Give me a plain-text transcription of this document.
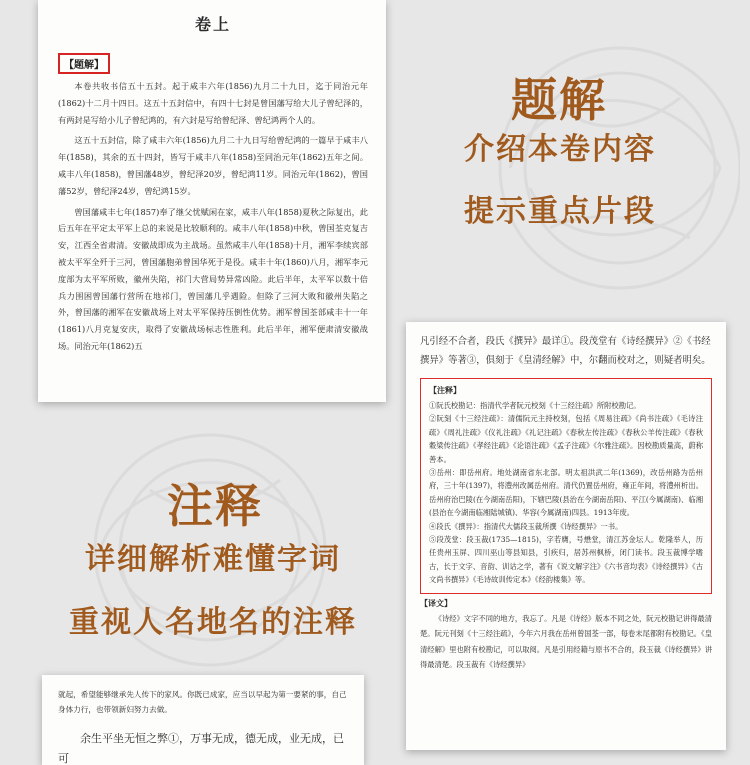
卷上
【题解】

本卷共收书信五十五封。起于咸丰六年(1856)九月二十九日，迄于同治元年(1862)十二月十四日。这五十五封信中，有四十七封是曾国藩写给大儿子曾纪泽的，有两封是写给小儿子曾纪鸿的，有六封是写给曾纪泽、曾纪鸿两个人的。

这五十五封信，除了咸丰六年(1856)九月二十九日写给曾纪鸿的一篇早于咸丰八年(1858)，其余的五十四封，皆写于咸丰八年(1858)至同治元年(1862)五年之间。咸丰八年(1858)，曾国藩48岁，曾纪泽20岁，曾纪鸿11岁。同治元年(1862)，曾国藩52岁，曾纪泽24岁，曾纪鸿15岁。

曾国藩咸丰七年(1857)奉了继父忧赋闲在家，咸丰八年(1858)夏秋之际复出，此后五年在平定太平军上总的来说是比较顺利的。咸丰八年(1858)中秋，曾国荃克复吉安，江西全省肃清。安徽战即成为主战场。虽然咸丰八年(1858)十月，湘军李续宾部被太平军全歼于三河，曾国藩胞弟曾国华死于是役。咸丰十年(1860)八月，湘军李元度部为太平军所败，徽州失陷，祁门大营局势异常凶险。此后半年，太平军以数十倍兵力围困曾国藩行营所在地祁门，曾国藩几乎遇险。但除了三河大败和徽州失陷之外，曾国藩的湘军在安徽战场上对太平军保持压倒性优势。湘军曾国荃部咸丰十一年(1861)八月克复安庆，取得了安徽战场标志性胜利。此后半年，湘军便肃清安徽战场。同治元年(1862)五

题解
介绍本卷内容
提示重点片段

凡引经不合者，段氏《撰异》最详①。段茂堂有《诗经撰异》②《书经撰异》等著③，俱刻于《皇清经解》中，尔翻而校对之，则疑者明矣。

【注释】

①阮氏校勘记：指清代学者阮元校刻《十三经注疏》所附校勘记。

②阮刻《十三经注疏》：清儒阮元主持校刻，包括《周易注疏》《尚书注疏》《毛诗注疏》《周礼注疏》《仪礼注疏》《礼记注疏》《春秋左传注疏》《春秋公羊传注疏》《春秋穀梁传注疏》《孝经注疏》《论语注疏》《孟子注疏》《尔雅注疏》。因校勘质量高，蔚称善本。

③岳州：即岳州府。地处湖南省东北部。明太祖洪武二年(1369)，改岳州路为岳州府，三十年(1397)，将澧州改属岳州府。清代仍置岳州府，雍正年间，将澧州析出。岳州府治巴陵(在今湖南岳阳)，下辖巴陵(县治在今湖南岳阳)、平江(今属湖南)、临湘(县治在今湖南临湘陆城镇)、华容(今属湖南)四县。1913年废。

④段氏《撰异》：指清代大儒段玉裁所撰《诗经撰异》一书。

⑤段茂堂：段玉裁(1735—1815)，字若膺，号懋堂，清江苏金坛人。乾隆举人，历任贵州玉屏、四川巫山等县知县，引疾归，居苏州枫桥，闭门读书。段玉裁博学嗜古，长于文字、音韵、训诂之学，著有《说文解字注》《六书音均表》《诗经撰异》《古文尚书撰异》《毛诗故训传定本》《经韵楼集》等。

【译文】

《诗经》文字不同的地方，我忘了。凡是《诗经》版本不同之处，阮元校勘记讲得最清楚。阮元刊刻《十三经注疏》，今年六月我在岳州曾国荃一部，每卷末尾都附有校勘记。《皇清经解》里也附有校勘记，可以取阅。凡是引用经籍与原书不合的，段玉裁《诗经撰异》讲得最清楚。段玉裁有《诗经撰异》

注释
详细解析难懂字词
重视人名地名的注释

就起，希望能够继承先人传下的家风。你既已成家，应当以早起为第一要紧的事，自己身体力行，也带领新妇努力去做。

余生平坐无恒之弊①，万事无成，德无成，业无成，已可
